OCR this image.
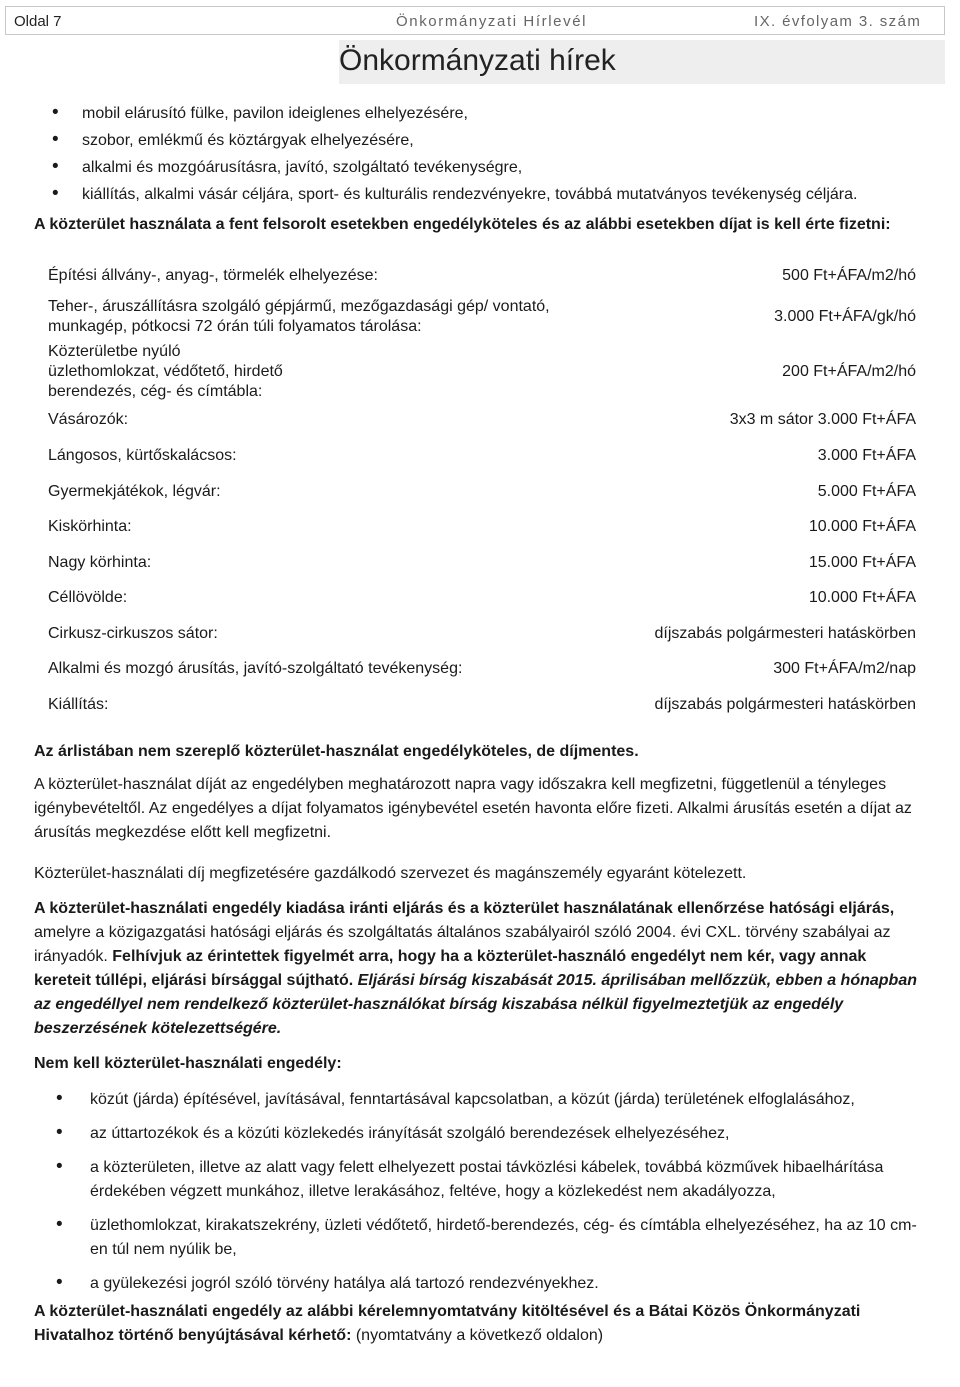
Oldal 7	Önkormányzati Hírlevél	IX. évfolyam 3. szám
Önkormányzati hírek
• mobil elárusító fülke, pavilon ideiglenes elhelyezésére,
• szobor, emlékmű és köztárgyak elhelyezésére,
• alkalmi és mozgóárusításra, javító, szolgáltató tevékenységre,
• kiállítás, alkalmi vásár céljára, sport- és kulturális rendezvényekre, továbbá mutatványos tevékenység céljára.

A közterület használata a fent felsorolt esetekben engedélyköteles és az alábbi esetekben díjat is kell érte fizetni:

Építési állvány-, anyag-, törmelék elhelyezése:	500 Ft+ÁFA/m2/hó
Teher-, áruszállításra szolgáló gépjármű, mezőgazdasági gép/ vontató, munkagép, pótkocsi 72 órán túli folyamatos tárolása:	3.000 Ft+ÁFA/gk/hó
Közterületbe nyúló üzlethomlokzat, védőtető, hirdető berendezés, cég- és címtábla:	200 Ft+ÁFA/m2/hó
Vásározók:	3x3 m sátor 3.000 Ft+ÁFA
Lángosos, kürtőskalácsos:	3.000 Ft+ÁFA
Gyermekjátékok, légvár:	5.000 Ft+ÁFA
Kiskörhinta:	10.000 Ft+ÁFA
Nagy körhinta:	15.000 Ft+ÁFA
Céllövölde:	10.000 Ft+ÁFA
Cirkusz-cirkuszos sátor:	díjszabás polgármesteri hatáskörben
Alkalmi és mozgó árusítás, javító-szolgáltató tevékenység:	300 Ft+ÁFA/m2/nap
Kiállítás:	díjszabás polgármesteri hatáskörben

Az árlistában nem szereplő közterület-használat engedélyköteles, de díjmentes.

A közterület-használat díját az engedélyben meghatározott napra vagy időszakra kell megfizetni, függetlenül a tényleges igénybevételtől. Az engedélyes a díjat folyamatos igénybevétel esetén havonta előre fizeti. Alkalmi árusítás esetén a díjat az árusítás megkezdése előtt kell megfizetni.

Közterület-használati díj megfizetésére gazdálkodó szervezet és magánszemély egyaránt kötelezett.

A közterület-használati engedély kiadása iránti eljárás és a közterület használatának ellenőrzése hatósági eljárás, amelyre a közigazgatási hatósági eljárás és szolgáltatás általános szabályairól szóló 2004. évi CXL. törvény szabályai az irányadók. Felhívjuk az érintettek figyelmét arra, hogy ha a közterület-használó engedélyt nem kér, vagy annak kereteit túllépi, eljárási bírsággal sújtható. Eljárási bírság kiszabását 2015. áprilisában mellőzzük, ebben a hónapban az engedéllyel nem rendelkező közterület-használókat bírság kiszabása nélkül figyelmeztetjük az engedély beszerzésének kötelezettségére.

Nem kell közterület-használati engedély:

• közút (járda) építésével, javításával, fenntartásával kapcsolatban, a közút (járda) területének elfoglalásához,
• az úttartozékok és a közúti közlekedés irányítását szolgáló berendezések elhelyezéséhez,
• a közterületen, illetve az alatt vagy felett elhelyezett postai távközlési kábelek, továbbá közművek hibaelhárítása érdekében végzett munkához, illetve lerakásához, feltéve, hogy a közlekedést nem akadályozza,
• üzlethomlokzat, kirakatszekrény, üzleti védőtető, hirdető-berendezés, cég- és címtábla elhelyezéséhez, ha az 10 cm-en túl nem nyúlik be,
• a gyülekezési jogról szóló törvény hatálya alá tartozó rendezvényekhez.

A közterület-használati engedély az alábbi kérelemnyomtatvány kitöltésével és a Bátai Közös Önkormányzati Hivatalhoz történő benyújtásával kérhető: (nyomtatvány a következő oldalon)
